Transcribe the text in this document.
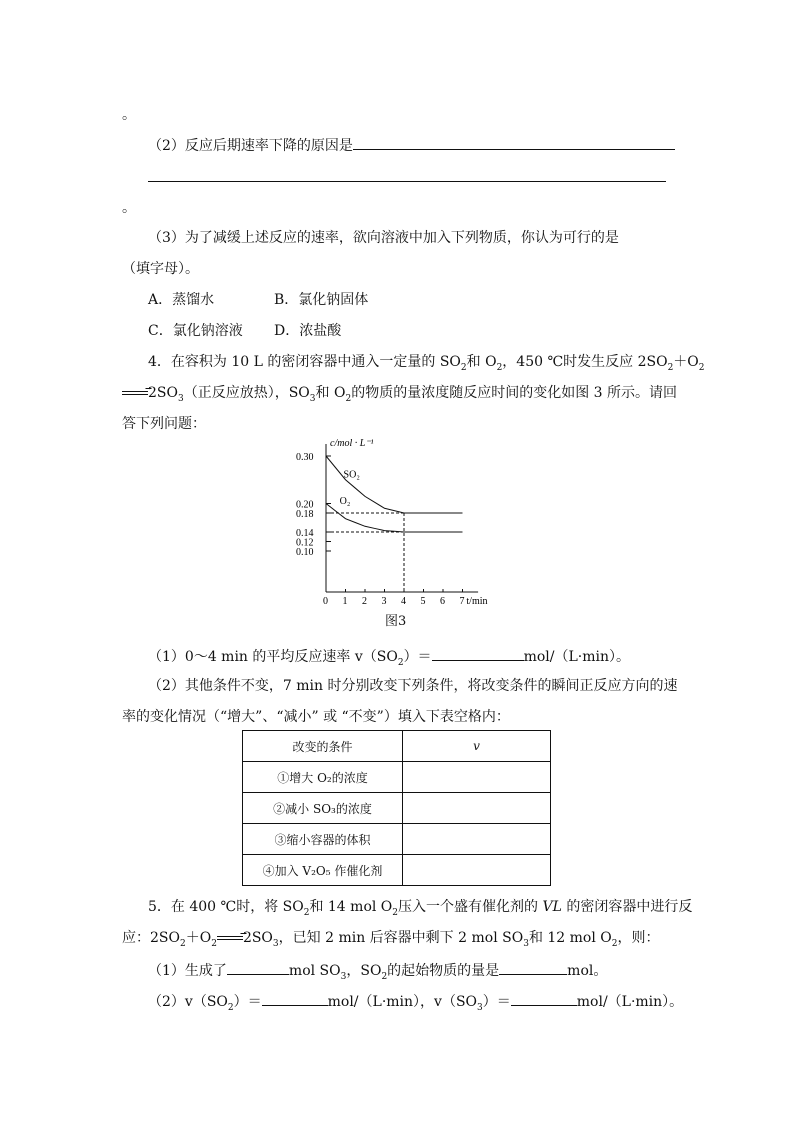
。
（2）反应后期速率下降的原因是
。
（3）为了减缓上述反应的速率，欲向溶液中加入下列物质，你认为可行的是
（填字母）。
A．蒸馏水	B．氯化钠固体
C．氯化钠溶液 D．浓盐酸
4．在容积为 10 L 的密闭容器中通入一定量的 $SO_2$和 $O_2$，450 ℃时发生反应 $2SO_2+O_2$
$\to 2SO_3$（正反应放热），$SO_3$和 $O_2$的物质的量浓度随反应时间的变化如图 3 所示。请回
答下列问题：
c/mol · L⁻¹
t/min
0 1 2 3 4 5 6 7
0.30
0.20
0.18
0.14
0.12
0.10
SO₂
O₂
图3
（1）0～4 min 的平均反应速率 $v(SO_2)=$	mol/（L·min）。
（2）其他条件不变，7 min 时分别改变下列条件，将改变条件的瞬间正反应方向的速
率的变化情况（“增大”、“减小” 或 “不变”）填入下表空格内：
改变的条件	v
①增大 O₂的浓度	
②减小 SO₃的浓度	
③缩小容器的体积	
④加入 V₂O₅ 作催化剂	
5．在 400 ℃时，将 $SO_2$和 14 mol $O_2$压入一个盛有催化剂的 VL 的密闭容器中进行反
应：$2SO_2+O_2 \to 2SO_3$，已知 2 min 后容器中剩下 2 mol $SO_3$和 12 mol $O_2$，则：
（1）生成了	mol $SO_3$，$SO_2$的起始物质的量是	mol。
$(2)v(SO_2)=$	mol/（L·min），$v(SO_3)=$	mol/（L·min）。
